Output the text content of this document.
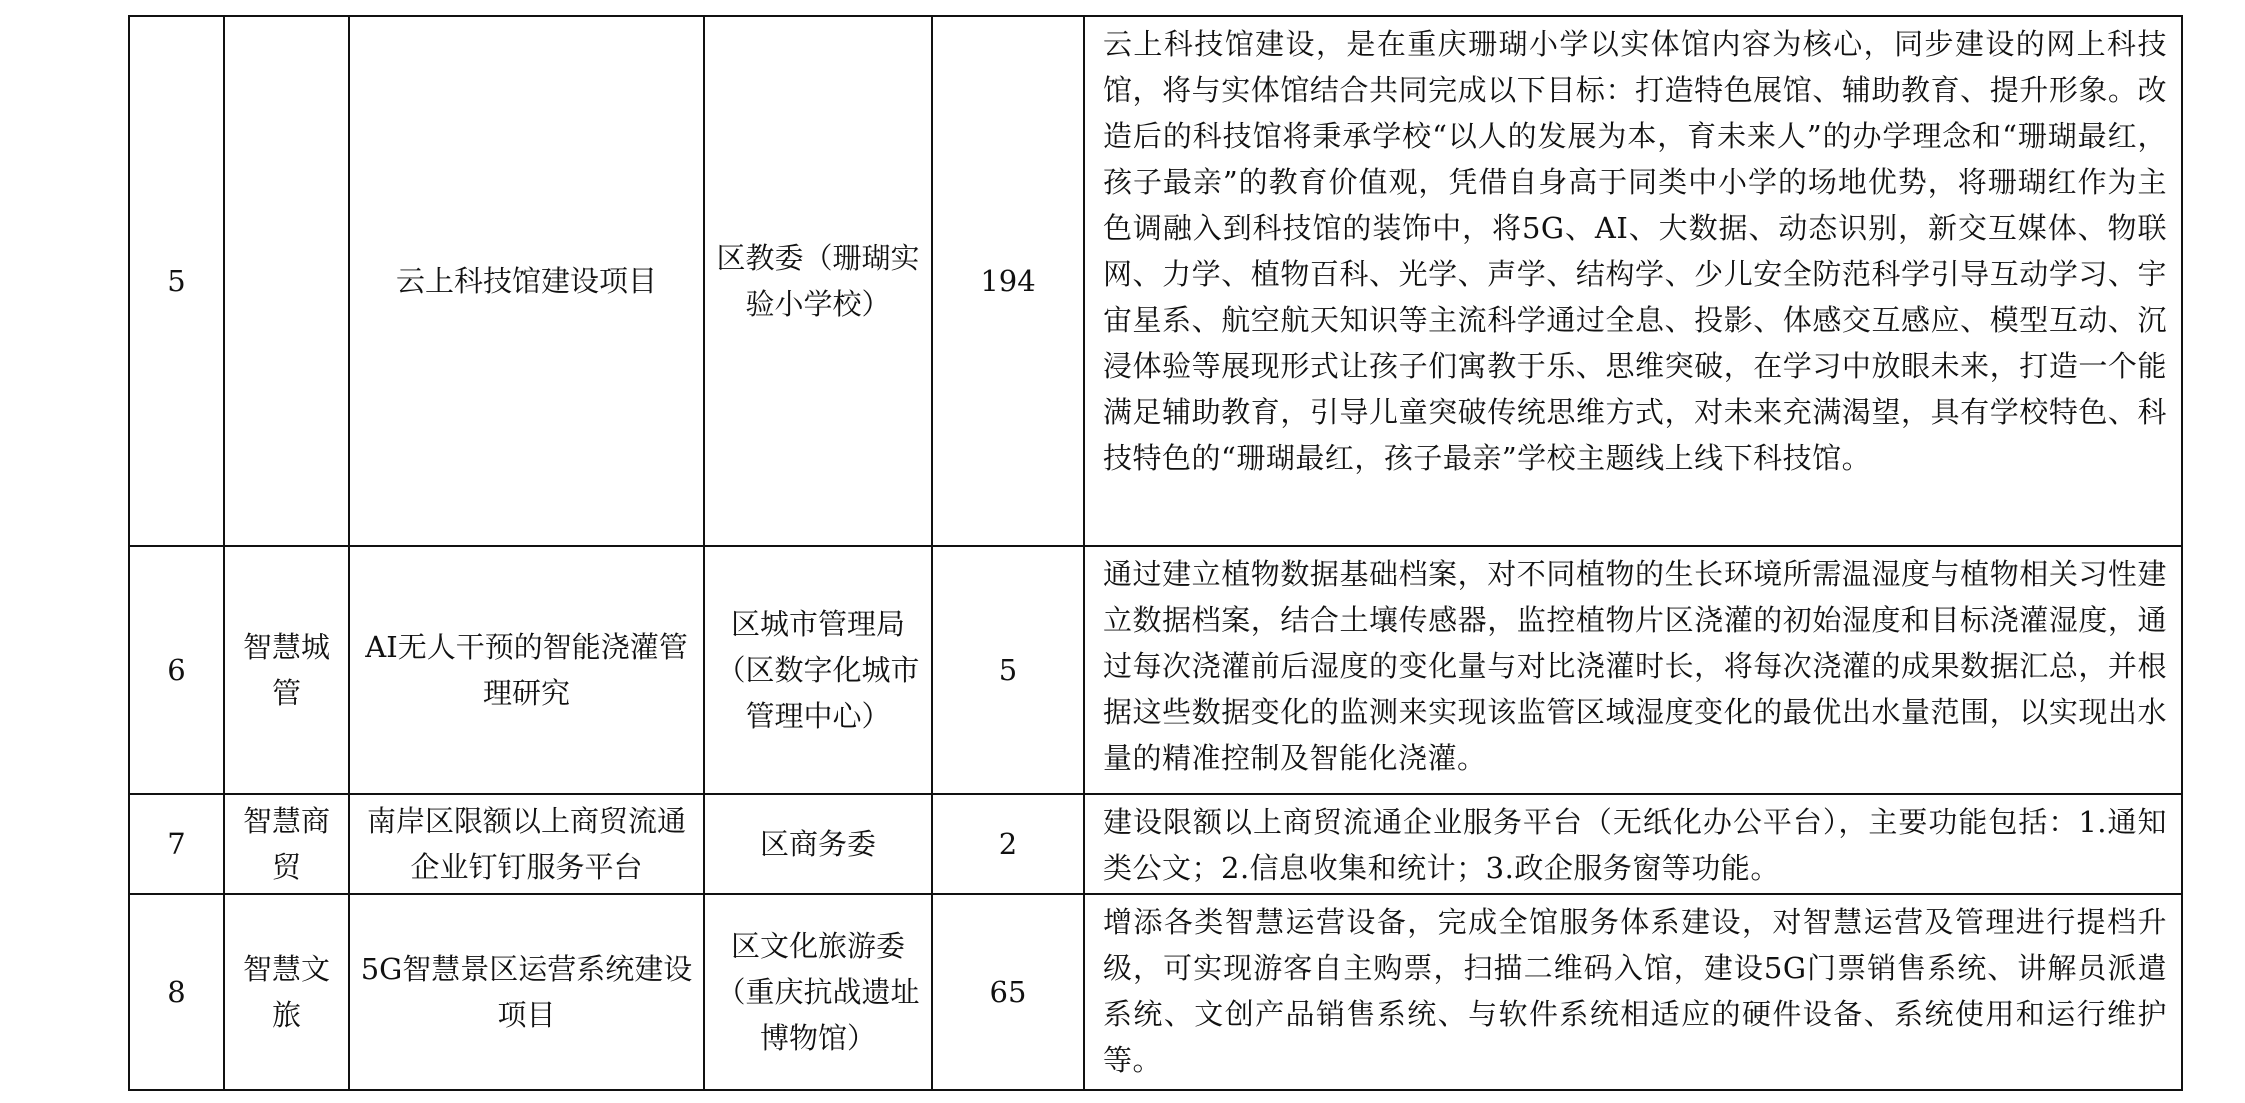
5		云上科技馆建设项目	区教委（珊瑚实验小学校）	194	云上科技馆建设，是在重庆珊瑚小学以实体馆内容为核心，同步建设的网上科技馆，将与实体馆结合共同完成以下目标：打造特色展馆、辅助教育、提升形象。改造后的科技馆将秉承学校“以人的发展为本，育未来人”的办学理念和“珊瑚最红，孩子最亲”的教育价值观，凭借自身高于同类中小学的场地优势，将珊瑚红作为主色调融入到科技馆的装饰中，将5G、AI、大数据、动态识别，新交互媒体、物联网、力学、植物百科、光学、声学、结构学、少儿安全防范科学引导互动学习、宇宙星系、航空航天知识等主流科学通过全息、投影、体感交互感应、模型互动、沉浸体验等展现形式让孩子们寓教于乐、思维突破，在学习中放眼未来，打造一个能满足辅助教育，引导儿童突破传统思维方式，对未来充满渴望，具有学校特色、科技特色的“珊瑚最红，孩子最亲”学校主题线上线下科技馆。
6	智慧城管	AI无人干预的智能浇灌管理研究	区城市管理局（区数字化城市管理中心）	5	通过建立植物数据基础档案，对不同植物的生长环境所需温湿度与植物相关习性建立数据档案，结合土壤传感器，监控植物片区浇灌的初始湿度和目标浇灌湿度，通过每次浇灌前后湿度的变化量与对比浇灌时长，将每次浇灌的成果数据汇总，并根据这些数据变化的监测来实现该监管区域湿度变化的最优出水量范围，以实现出水量的精准控制及智能化浇灌。
7	智慧商贸	南岸区限额以上商贸流通企业钉钉服务平台	区商务委	2	建设限额以上商贸流通企业服务平台（无纸化办公平台），主要功能包括：1.通知类公文；2.信息收集和统计；3.政企服务窗等功能。
8	智慧文旅	5G智慧景区运营系统建设项目	区文化旅游委（重庆抗战遗址博物馆）	65	增添各类智慧运营设备，完成全馆服务体系建设，对智慧运营及管理进行提档升级，可实现游客自主购票，扫描二维码入馆，建设5G门票销售系统、讲解员派遣系统、文创产品销售系统、与软件系统相适应的硬件设备、系统使用和运行维护等。
